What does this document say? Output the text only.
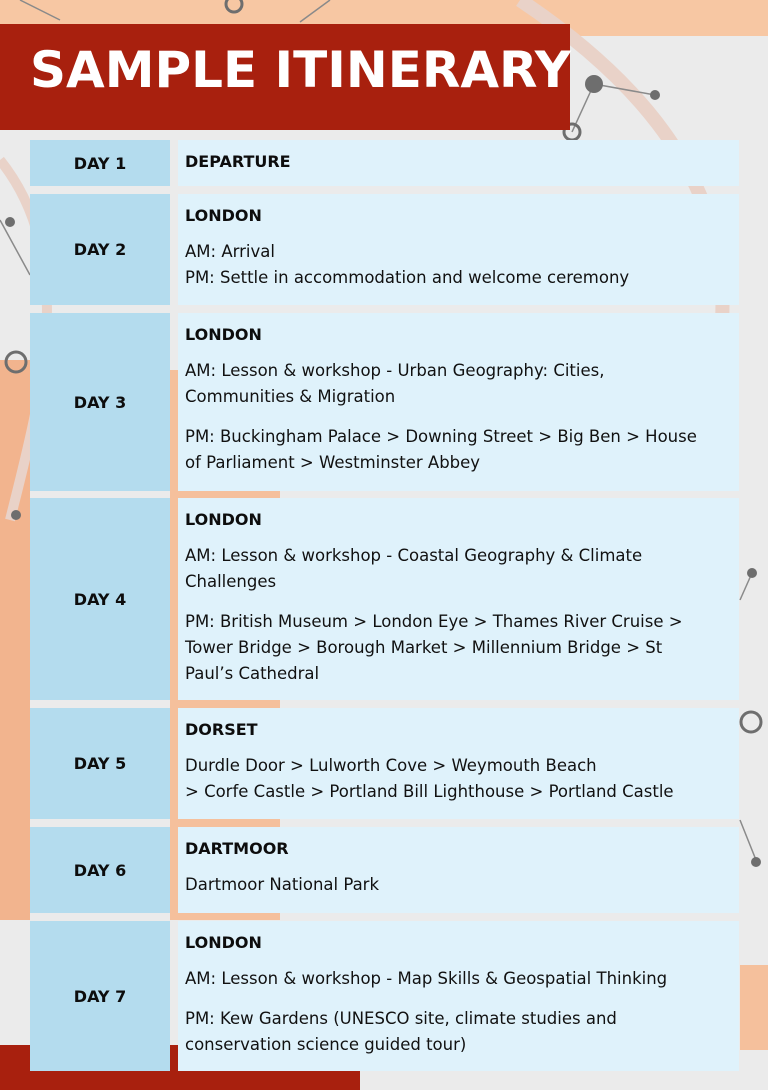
SAMPLE ITINERARY
DAY 1	DEPARTURE
DAY 2
LONDON
AM: Arrival
PM: Settle in accommodation and welcome ceremony
DAY 3
LONDON
AM: Lesson & workshop - Urban Geography: Cities,
Communities & Migration
PM: Buckingham Palace > Downing Street > Big Ben > House
of Parliament > Westminster Abbey
DAY 4
LONDON
AM: Lesson & workshop - Coastal Geography & Climate
Challenges
PM: British Museum > London Eye > Thames River Cruise >
Tower Bridge > Borough Market > Millennium Bridge > St
Paul’s Cathedral
DAY 5
DORSET
Durdle Door > Lulworth Cove > Weymouth Beach
> Corfe Castle > Portland Bill Lighthouse > Portland Castle
DAY 6
DARTMOOR
Dartmoor National Park
DAY 7
LONDON
AM: Lesson & workshop - Map Skills & Geospatial Thinking
PM: Kew Gardens (UNESCO site, climate studies and
conservation science guided tour)
